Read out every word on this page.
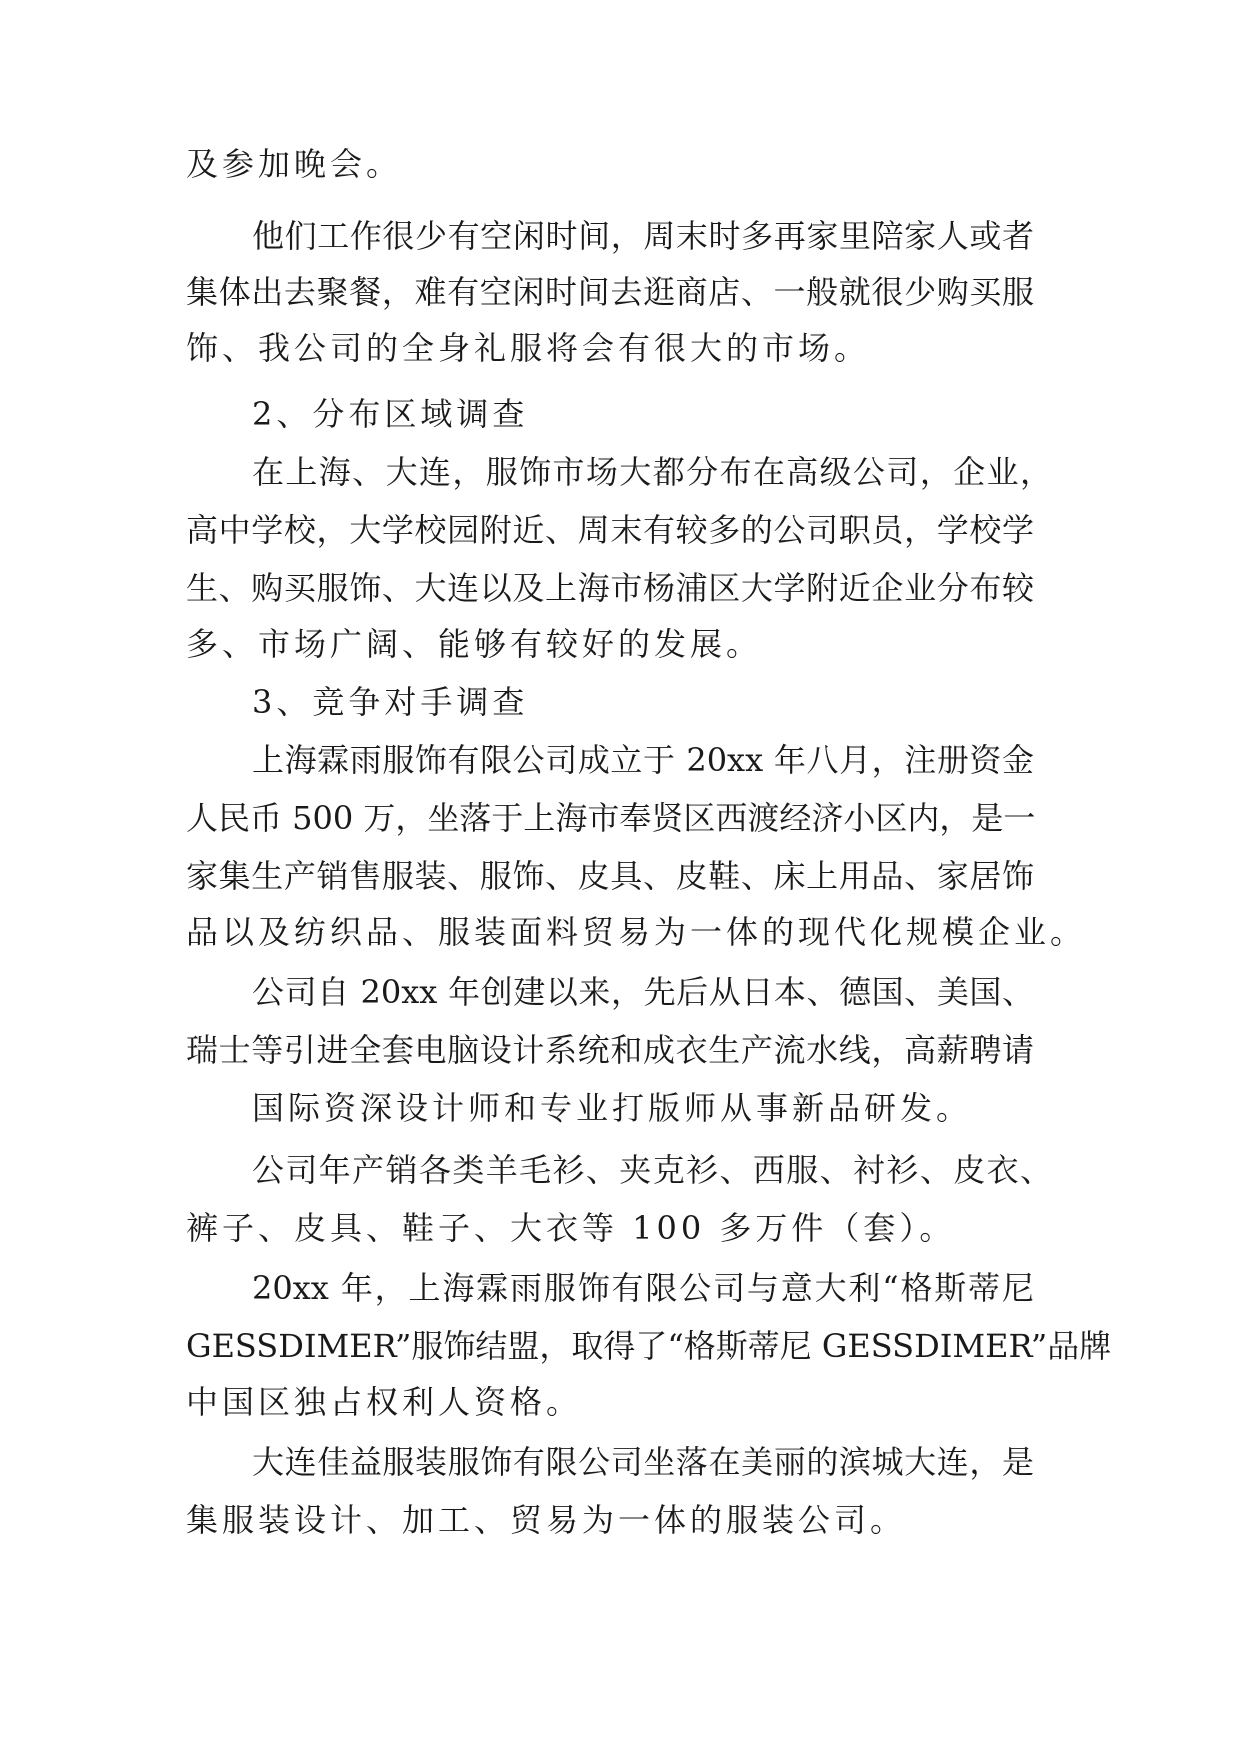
及参加晚会。
他们工作很少有空闲时间，周末时多再家里陪家人或者
集体出去聚餐，难有空闲时间去逛商店、一般就很少购买服
饰、我公司的全身礼服将会有很大的市场。
2、分布区域调查
在上海、大连，服饰市场大都分布在高级公司，企业，
高中学校，大学校园附近、周末有较多的公司职员，学校学
生、购买服饰、大连以及上海市杨浦区大学附近企业分布较
多、市场广阔、能够有较好的发展。
3、竞争对手调查
上海霖雨服饰有限公司成立于 20xx 年八月，注册资金
人民币 500 万，坐落于上海市奉贤区西渡经济小区内，是一
家集生产销售服装、服饰、皮具、皮鞋、床上用品、家居饰
品以及纺织品、服装面料贸易为一体的现代化规模企业。
公司自 20xx 年创建以来，先后从日本、德国、美国、
瑞士等引进全套电脑设计系统和成衣生产流水线，高薪聘请
国际资深设计师和专业打版师从事新品研发。
公司年产销各类羊毛衫、夹克衫、西服、衬衫、皮衣、
裤子、皮具、鞋子、大衣等 100 多万件（套）。
20xx 年，上海霖雨服饰有限公司与意大利“格斯蒂尼
GESSDIMER”服饰结盟，取得了“格斯蒂尼 GESSDIMER”品牌
中国区独占权利人资格。
大连佳益服装服饰有限公司坐落在美丽的滨城大连，是
集服装设计、加工、贸易为一体的服装公司。
